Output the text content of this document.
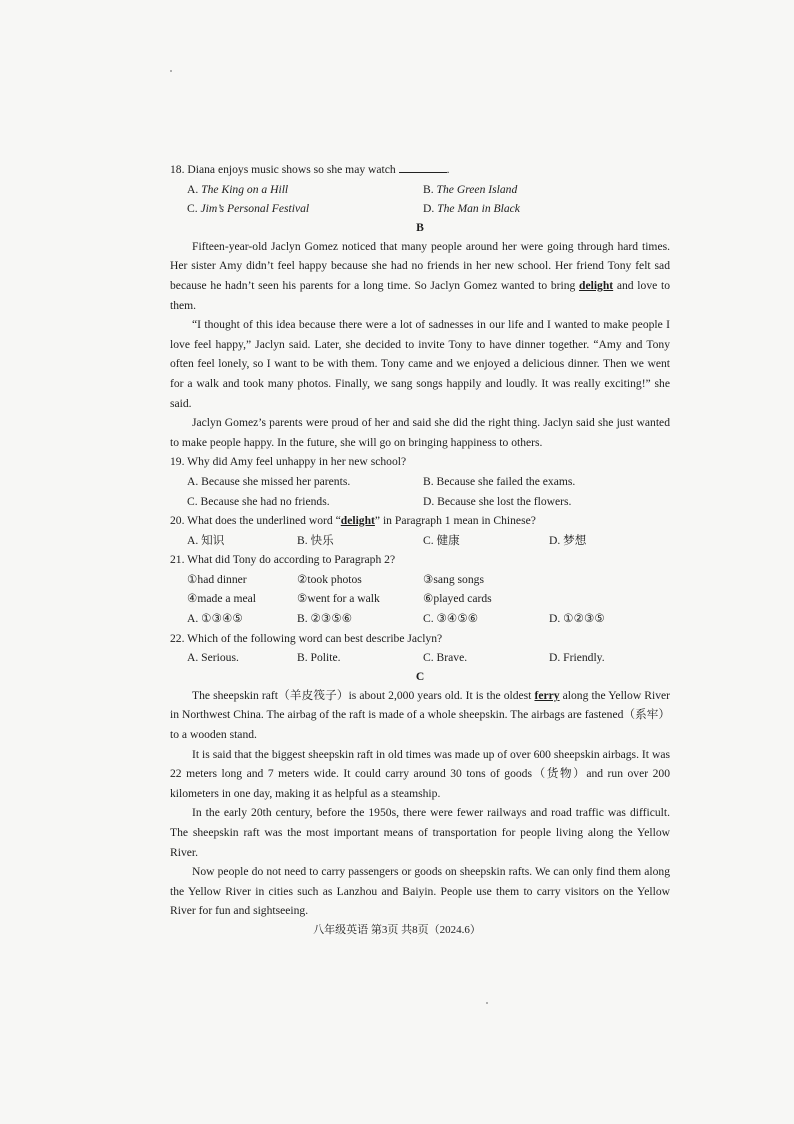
18. Diana enjoys music shows so she may watch	.

A. The King on a Hill	B. The Green Island
C. Jim’s Personal Festival	D. The Man in Black

B

Fifteen-year-old Jaclyn Gomez noticed that many people around her were going through hard times. Her sister Amy didn’t feel happy because she had no friends in her new school. Her friend Tony felt sad because he hadn’t seen his parents for a long time. So Jaclyn Gomez wanted to bring delight and love to them.

“I thought of this idea because there were a lot of sadnesses in our life and I wanted to make people I love feel happy,” Jaclyn said. Later, she decided to invite Tony to have dinner together. “Amy and Tony often feel lonely, so I want to be with them. Tony came and we enjoyed a delicious dinner. Then we went for a walk and took many photos. Finally, we sang songs happily and loudly. It was really exciting!” she said.

Jaclyn Gomez’s parents were proud of her and said she did the right thing. Jaclyn said she just wanted to make people happy. In the future, she will go on bringing happiness to others.

19. Why did Amy feel unhappy in her new school?

A. Because she missed her parents.	B. Because she failed the exams.
C. Because she had no friends.	D. Because she lost the flowers.

20. What does the underlined word “delight” in Paragraph 1 mean in Chinese?

A. 知识	B. 快乐	C. 健康	D. 梦想

21. What did Tony do according to Paragraph 2?

①had dinner	②took photos	③sang songs
④made a meal	⑤went for a walk	⑥played cards
A. ①③④⑤	B. ②③⑤⑥	C. ③④⑤⑥	D. ①②③⑤

22. Which of the following word can best describe Jaclyn?

A. Serious.	B. Polite.	C. Brave.	D. Friendly.

C

The sheepskin raft（羊皮筏子）is about 2,000 years old. It is the oldest ferry along the Yellow River in Northwest China. The airbag of the raft is made of a whole sheepskin. The airbags are fastened（系牢）to a wooden stand.

It is said that the biggest sheepskin raft in old times was made up of over 600 sheepskin airbags. It was 22 meters long and 7 meters wide. It could carry around 30 tons of goods（货物）and run over 200 kilometers in one day, making it as helpful as a steamship.

In the early 20th century, before the 1950s, there were fewer railways and road traffic was difficult. The sheepskin raft was the most important means of transportation for people living along the Yellow River.

Now people do not need to carry passengers or goods on sheepskin rafts. We can only find them along the Yellow River in cities such as Lanzhou and Baiyin. People use them to carry visitors on the Yellow River for fun and sightseeing.

八年级英语 第3页 共8页（2024.6）
